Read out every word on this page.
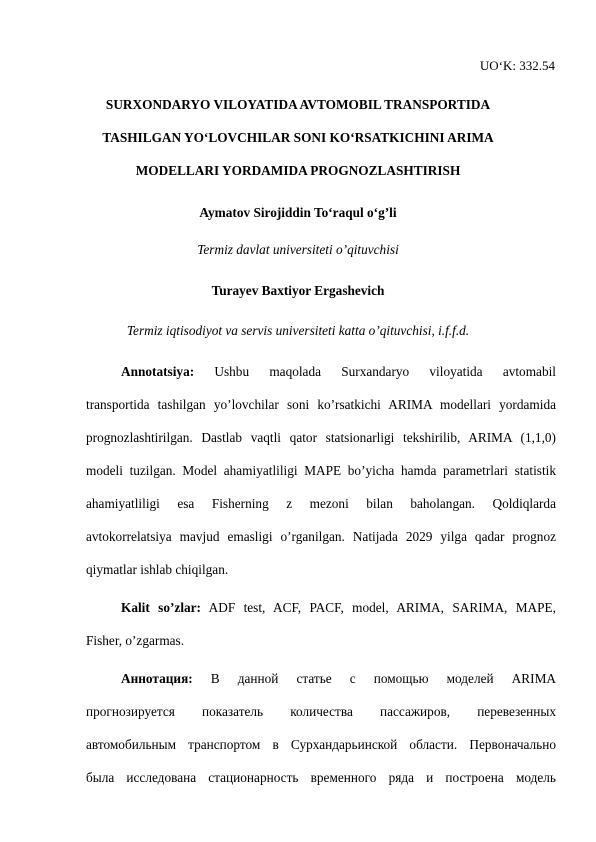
UO‘K: 332.54
SURXONDARYO VILOYATIDA AVTOMOBIL TRANSPORTIDA
TASHILGAN YO‘LOVCHILAR SONI KO‘RSATKICHINI ARIMA
MODELLARI YORDAMIDA PROGNOZLASHTIRISH
Aymatov Sirojiddin To‘raqul o‘g’li
Termiz davlat universiteti o’qituvchisi
Turayev Baxtiyor Ergashevich
Termiz iqtisodiyot va servis universiteti katta o’qituvchisi, i.f.f.d.
Annotatsiya: Ushbu maqolada Surxandaryo viloyatida avtomabil
transportida tashilgan yo’lovchilar soni ko’rsatkichi ARIMA modellari yordamida
prognozlashtirilgan. Dastlab vaqtli qator statsionarligi tekshirilib, ARIMA (1,1,0)
modeli tuzilgan. Model ahamiyatliligi MAPE bo’yicha hamda parametrlari statistik
ahamiyatliligi esa Fisherning z mezoni bilan baholangan. Qoldiqlarda
avtokorrelatsiya mavjud emasligi o’rganilgan. Natijada 2029 yilga qadar prognoz
qiymatlar ishlab chiqilgan.
Kalit so’zlar: ADF test, ACF, PACF, model, ARIMA, SARIMA, MAPE,
Fisher, o’zgarmas.
Аннотация: В данной статье с помощью моделей ARIMA
прогнозируется показатель количества пассажиров, перевезенных
автомобильным транспортом в Сурхандарьинской области. Первоначально
была исследована стационарность временного ряда и построена модель
